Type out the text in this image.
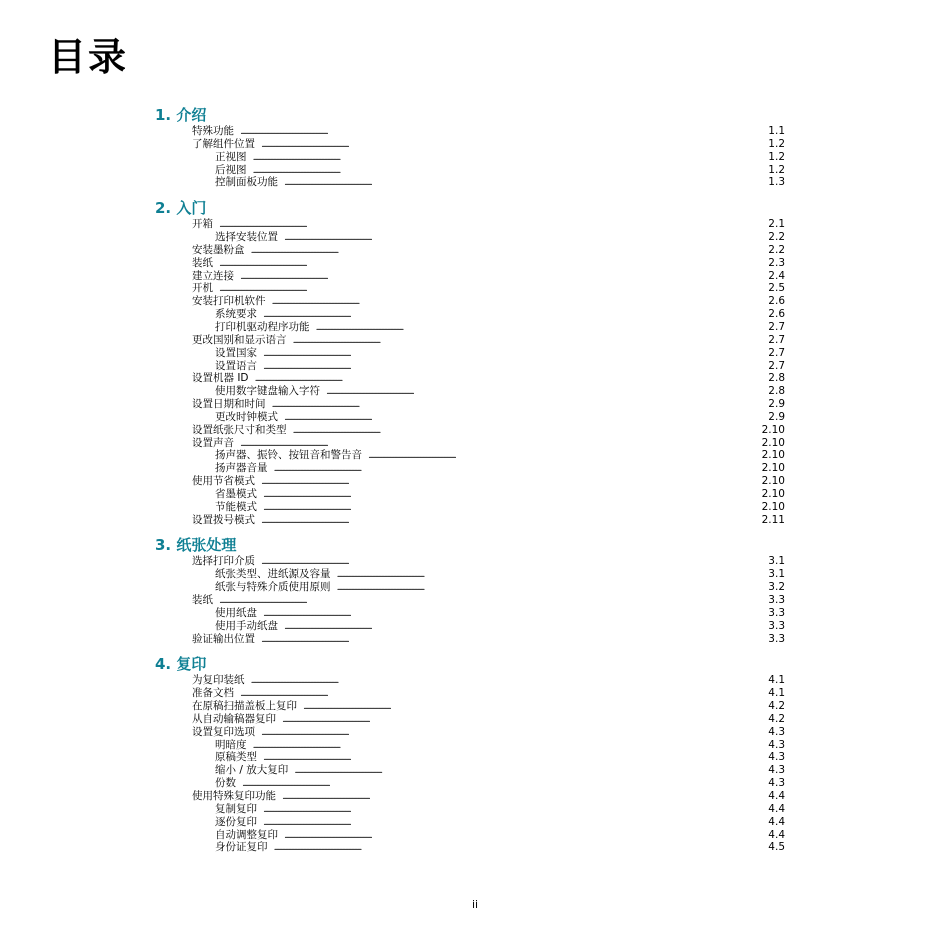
目录
1. 介绍
特殊功能 . . .	1.1
了解组件位置 . . .	1.2
正视图 . . .	1.2
后视图 . . .	1.2
控制面板功能 . . .	1.3
2. 入门
开箱 . . .	2.1
选择安装位置 . . .	2.2
安装墨粉盒 . . .	2.2
装纸 . . .	2.3
建立连接 . . .	2.4
开机 . . .	2.5
安装打印机软件 . . .	2.6
系统要求 . . .	2.6
打印机驱动程序功能 . . .	2.7
更改国别和显示语言 . . .	2.7
设置国家 . . .	2.7
设置语言 . . .	2.7
设置机器 ID . . .	2.8
使用数字键盘输入字符 . . .	2.8
设置日期和时间 . . .	2.9
更改时钟模式 . . .	2.9
设置纸张尺寸和类型 . . .	2.10
设置声音 . . .	2.10
扬声器、振铃、按钮音和警告音 . . .	2.10
扬声器音量 . . .	2.10
使用节省模式 . . .	2.10
省墨模式 . . .	2.10
节能模式 . . .	2.10
设置拨号模式 . . .	2.11
3. 纸张处理
选择打印介质 . . .	3.1
纸张类型、进纸源及容量 . . .	3.1
纸张与特殊介质使用原则 . . .	3.2
装纸 . . .	3.3
使用纸盘 . . .	3.3
使用手动纸盘 . . .	3.3
验证输出位置 . . .	3.3
4. 复印
为复印装纸 . . .	4.1
准备文档 . . .	4.1
在原稿扫描盖板上复印 . . .	4.2
从自动输稿器复印 . . .	4.2
设置复印选项 . . .	4.3
明暗度 . . .	4.3
原稿类型 . . .	4.3
缩小 / 放大复印 . . .	4.3
份数 . . .	4.3
使用特殊复印功能 . . .	4.4
复制复印 . . .	4.4
逐份复印 . . .	4.4
自动调整复印 . . .	4.4
身份证复印 . . .	4.5
ii
